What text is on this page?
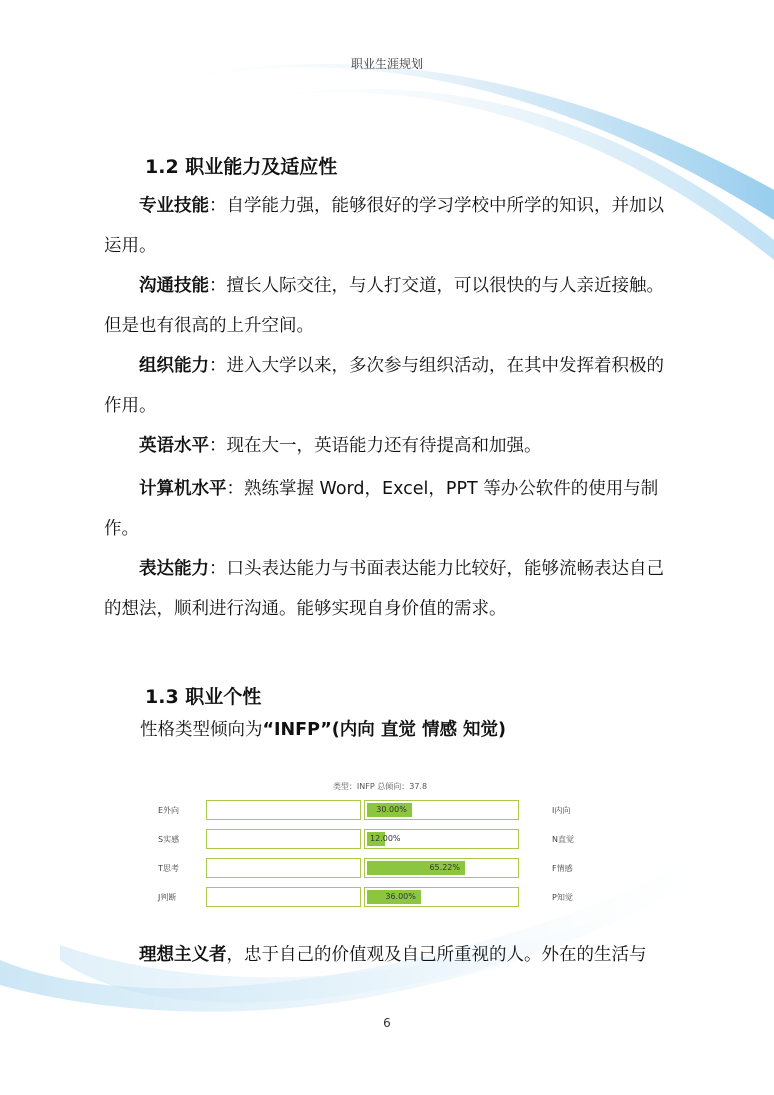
职业生涯规划
1.2 职业能力及适应性
专业技能：自学能力强，能够很好的学习学校中所学的知识，并加以运用。
沟通技能：擅长人际交往，与人打交道，可以很快的与人亲近接触。但是也有很高的上升空间。
组织能力：进入大学以来，多次参与组织活动，在其中发挥着积极的作用。
英语水平：现在大一，英语能力还有待提高和加强。
计算机水平：熟练掌握 Word，Excel，PPT 等办公软件的使用与制作。
表达能力：口头表达能力与书面表达能力比较好，能够流畅表达自己的想法，顺利进行沟通。能够实现自身价值的需求。
1.3 职业个性
性格类型倾向为“INFP”(内向 直觉 情感 知觉)
类型：INFP 总倾向：37.8
E外向	30.00%	I内向
S实感	12.00%	N直觉
T思考	65.22%	F情感
J判断	36.00%	P知觉
理想主义者，忠于自己的价值观及自己所重视的人。外在的生活与
6
